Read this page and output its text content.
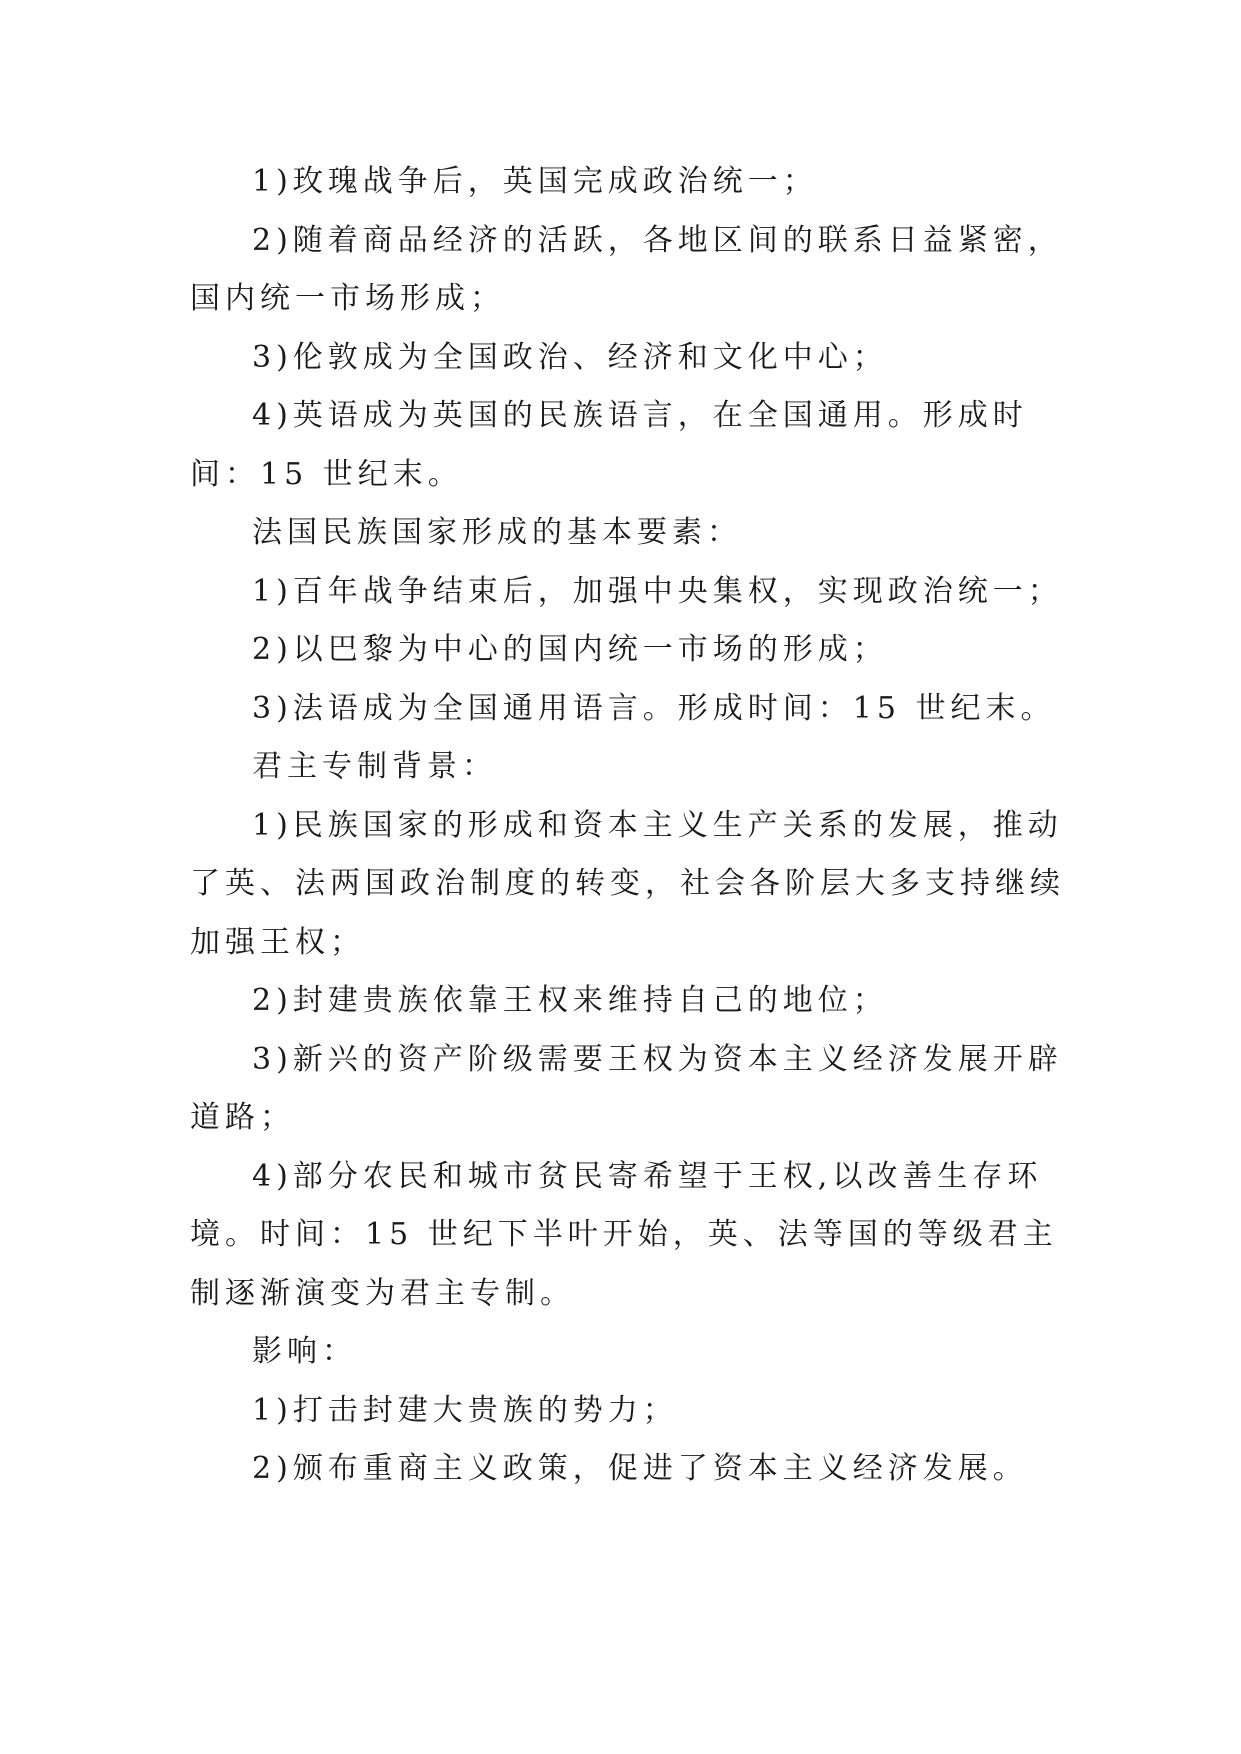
1)玫瑰战争后，英国完成政治统一；

2)随着商品经济的活跃，各地区间的联系日益紧密，国内统一市场形成；

3)伦敦成为全国政治、经济和文化中心；

4)英语成为英国的民族语言，在全国通用。形成时间：15 世纪末。

法国民族国家形成的基本要素：

1)百年战争结束后，加强中央集权，实现政治统一；

2)以巴黎为中心的国内统一市场的形成；

3)法语成为全国通用语言。形成时间：15 世纪末。

君主专制背景：

1)民族国家的形成和资本主义生产关系的发展，推动了英、法两国政治制度的转变，社会各阶层大多支持继续加强王权；

2)封建贵族依靠王权来维持自己的地位；

3)新兴的资产阶级需要王权为资本主义经济发展开辟道路；

4)部分农民和城市贫民寄希望于王权,以改善生存环境。时间：15 世纪下半叶开始，英、法等国的等级君主制逐渐演变为君主专制。

影响：

1)打击封建大贵族的势力；

2)颁布重商主义政策，促进了资本主义经济发展。
